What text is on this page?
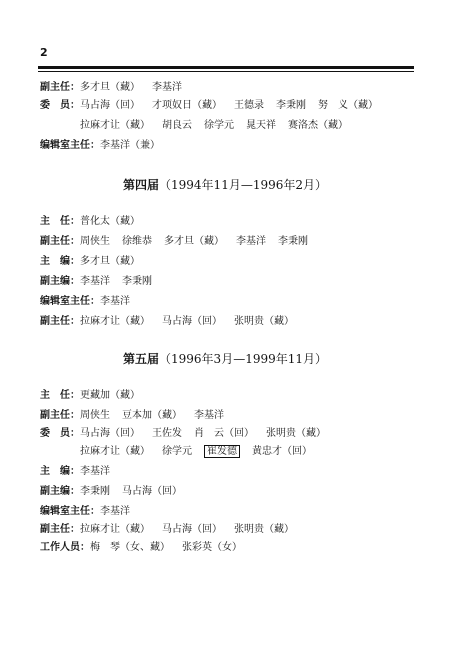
2
副主任：多才旦（藏） 李基洋
委　员：马占海（回） 才项奴日（藏） 王德录 李秉刚 努　义（藏）
拉麻才让（藏） 胡良云 徐学元 晁天祥 赛洛杰（藏）
编辑室主任：李基洋（兼）
第四届（1994年11月—1996年2月）
主　任：普化太（藏）
副主任：周侠生 徐维恭 多才旦（藏） 李基洋 李秉刚
主　编：多才旦（藏）
副主编：李基洋 李秉刚
编辑室主任：李基洋
副主任：拉麻才让（藏） 马占海（回） 张明贵（藏）
第五届（1996年3月—1999年11月）
主　任：更藏加（藏）
副主任：周侠生 豆本加（藏） 李基洋
委　员：马占海（回） 王佐发 肖　云（回） 张明贵（藏）
拉麻才让（藏） 徐学元 崔发德 黄忠才（回）
主　编：李基洋
副主编：李秉刚 马占海（回）
编辑室主任：李基洋
副主任：拉麻才让（藏） 马占海（回） 张明贵（藏）
工作人员：梅　琴（女、藏） 张彩英（女）
